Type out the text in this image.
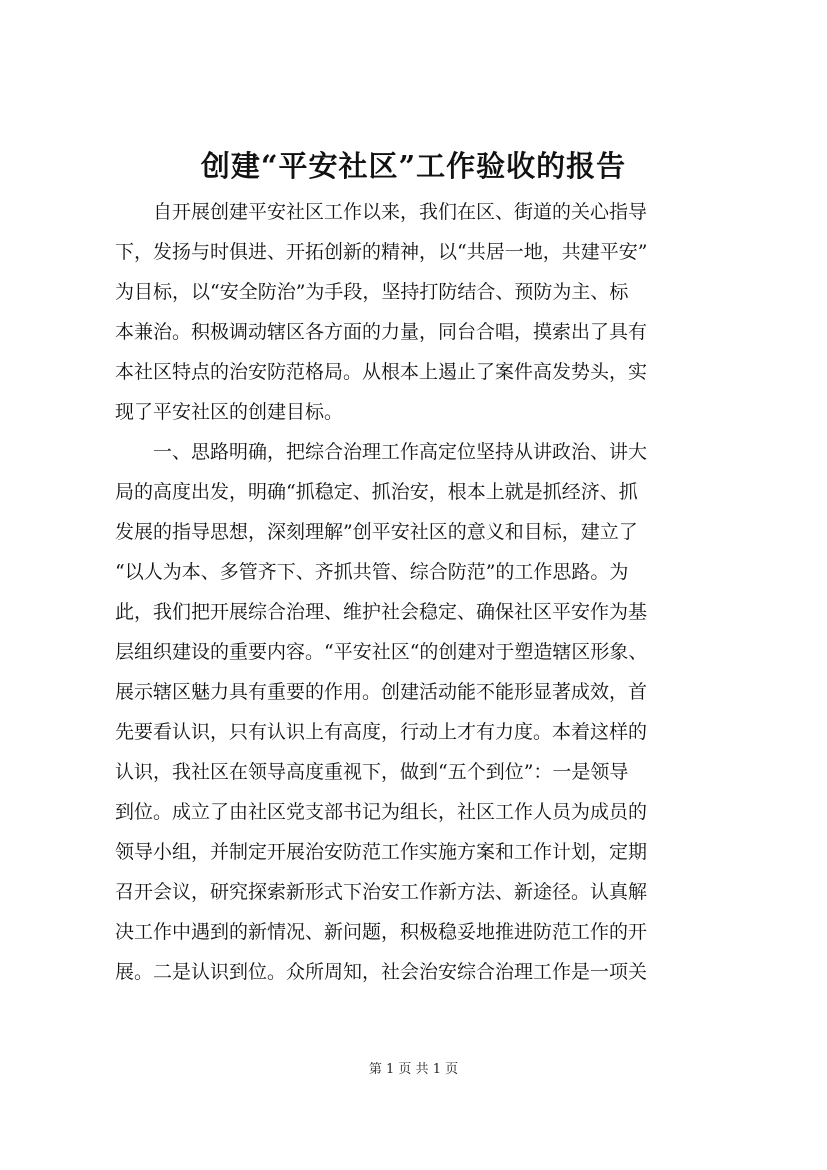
创建“平安社区”工作验收的报告
　　自开展创建平安社区工作以来，我们在区、街道的关心指导
下，发扬与时俱进、开拓创新的精神，以“共居一地，共建平安”
为目标，以“安全防治”为手段，坚持打防结合、预防为主、标
本兼治。积极调动辖区各方面的力量，同台合唱，摸索出了具有
本社区特点的治安防范格局。从根本上遏止了案件高发势头，实
现了平安社区的创建目标。
　　一、思路明确，把综合治理工作高定位坚持从讲政治、讲大
局的高度出发，明确“抓稳定、抓治安，根本上就是抓经济、抓
发展的指导思想，深刻理解”创平安社区的意义和目标，建立了
“以人为本、多管齐下、齐抓共管、综合防范”的工作思路。为
此，我们把开展综合治理、维护社会稳定、确保社区平安作为基
层组织建设的重要内容。“平安社区“的创建对于塑造辖区形象、
展示辖区魅力具有重要的作用。创建活动能不能形显著成效，首
先要看认识，只有认识上有高度，行动上才有力度。本着这样的
认识，我社区在领导高度重视下，做到“五个到位”：一是领导
到位。成立了由社区党支部书记为组长，社区工作人员为成员的
领导小组，并制定开展治安防范工作实施方案和工作计划，定期
召开会议，研究探索新形式下治安工作新方法、新途径。认真解
决工作中遇到的新情况、新问题，积极稳妥地推进防范工作的开
展。二是认识到位。众所周知，社会治安综合治理工作是一项关
第 1 页 共 1 页
